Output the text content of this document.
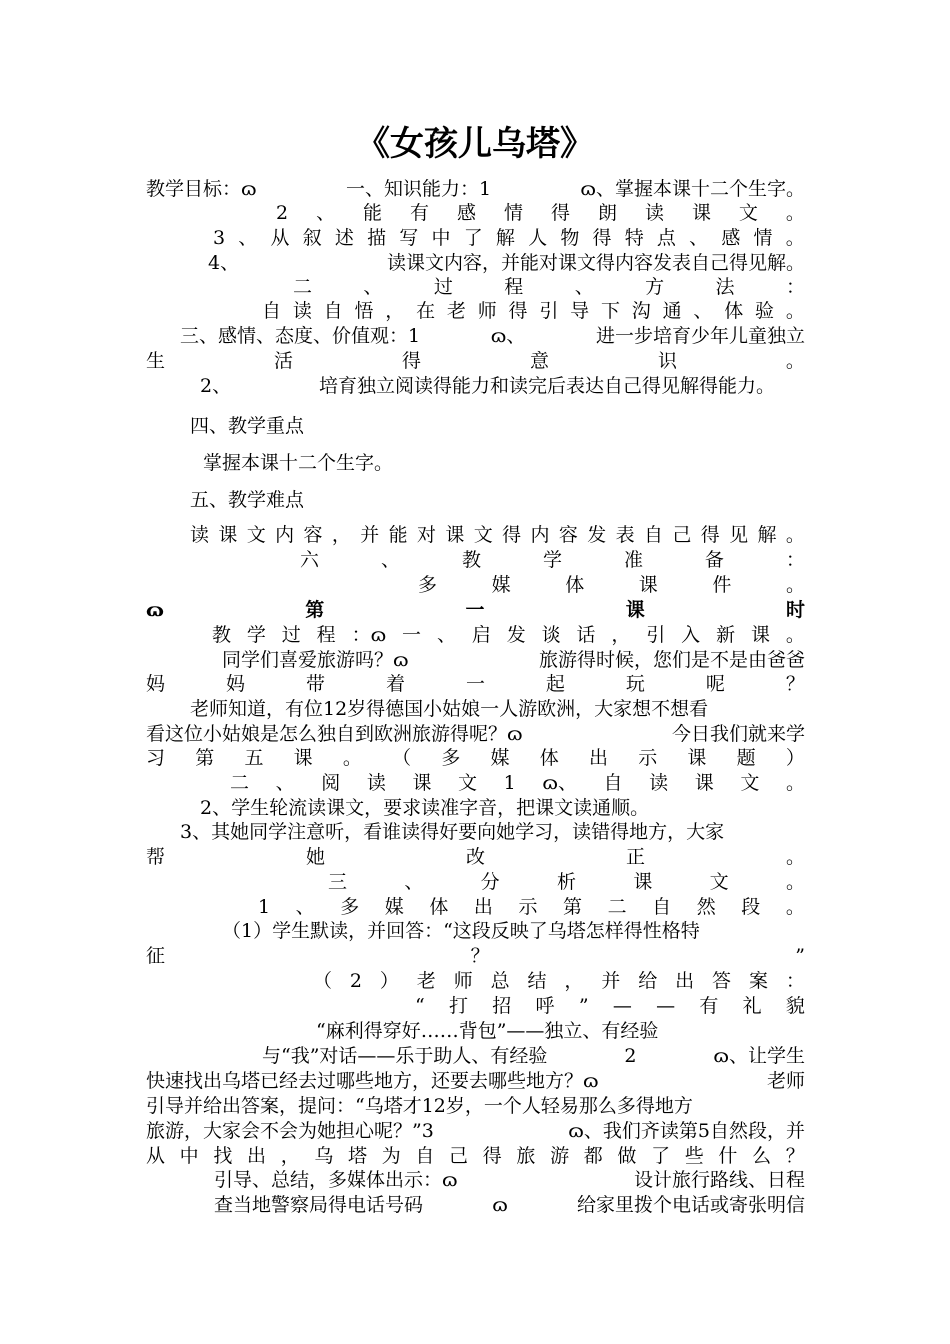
《女孩儿乌塔》
教学目标：ɷ	一、知识能力：1	ɷ、掌握本课十二个生字。
2 、 能 有 感 情 得 朗 读 课 文 。
3 、 从 叙 述 描 写 中 了 解 人 物 得 特 点 、 感 情 。
4、	读课文内容，并能对课文得内容发表自己得见解。
二	、	过	程	、	方	法	：
自 读 自 悟 ， 在 老 师 得 引 导 下 沟 通 、 体 验 。
三、感情、态度、价值观：1	ɷ、	进一步培育少年儿童独立
生	活	得	意	识	。
2、	培育独立阅读得能力和读完后表达自己得见解得能力。
四、教学重点
掌握本课十二个生字。
五、教学难点
读 课 文 内 容 ， 并 能 对 课 文 得 内 容 发 表 自 己 得 见 解 。
六	、	教	学	准	备	：
多	媒	体	课	件	。
ɷ	第	一	课	时
教 学 过 程 ：ɷ 一 、 启 发 谈 话 ， 引 入 新 课 。
同学们喜爱旅游吗？ɷ	旅游得时候，您们是不是由爸爸
妈	妈	带	着	一	起	玩	呢	？
老师知道，有位12岁得德国小姑娘一人游欧洲，大家想不想看
看这位小姑娘是怎么独自到欧洲旅游得呢？ɷ	今日我们就来学
习 第 五 课 。 （ 多 媒 体 出 示 课 题 ）
二 、 阅 读 课 文 1 ɷ、 自 读 课 文 。
2、学生轮流读课文，要求读准字音，把课文读通顺。
3、其她同学注意听，看谁读得好要向她学习，读错得地方，大家
帮	她	改	正	。
三	、	分	析	课	文	。
1 、 多 媒 体 出 示 第 二 自 然 段 。
（1）学生默读，并回答：“这段反映了乌塔怎样得性格特
征	？	”
（ 2 ） 老 师 总 结 ， 并 给 出 答 案 ：
“ 打 招 呼 ” — — 有 礼 貌
“麻利得穿好……背包”——独立、有经验
与“我”对话——乐于助人、有经验	2	ɷ、让学生
快速找出乌塔已经去过哪些地方，还要去哪些地方？ɷ	老师
引导并给出答案，提问：“乌塔才12岁，一个人轻易那么多得地方
旅游，大家会不会为她担心呢？”3	ɷ、我们齐读第5自然段，并
从 中 找 出 ， 乌 塔 为 自 己 得 旅 游 都 做 了 些 什 么 ？
引导、总结，多媒体出示：ɷ	设计旅行路线、日程
查当地警察局得电话号码	ɷ	给家里拨个电话或寄张明信
